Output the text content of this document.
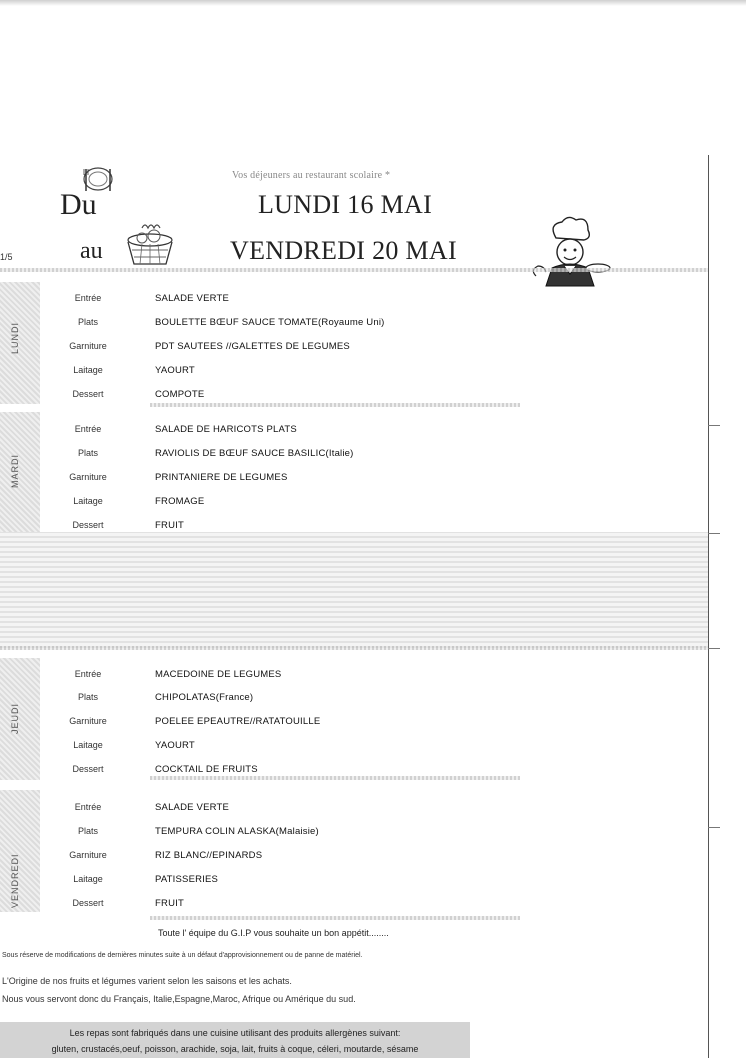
Vos déjeuners au restaurant scolaire *
Du
au
LUNDI 16 MAI
VENDREDI 20 MAI
1/5
LUNDI
Entrée	SALADE VERTE
Plats	BOULETTE BŒUF SAUCE TOMATE(Royaume Uni)
Garniture	PDT SAUTEES //GALETTES DE LEGUMES
Laitage	YAOURT
Dessert	COMPOTE
MARDI
Entrée	SALADE DE HARICOTS PLATS
Plats	RAVIOLIS DE BŒUF SAUCE BASILIC(Italie)
Garniture	PRINTANIERE DE LEGUMES
Laitage	FROMAGE
Dessert	FRUIT
JEUDI
Entrée	MACEDOINE DE LEGUMES
Plats	CHIPOLATAS(France)
Garniture	POELEE EPEAUTRE//RATATOUILLE
Laitage	YAOURT
Dessert	COCKTAIL DE FRUITS
VENDREDI
Entrée	SALADE VERTE
Plats	TEMPURA COLIN ALASKA(Malaisie)
Garniture	RIZ BLANC//EPINARDS
Laitage	PATISSERIES
Dessert	FRUIT
Toute l' équipe du G.I.P vous souhaite un bon appétit........
Sous réserve de modifications de dernières minutes suite à un défaut d'approvisionnement ou de panne de matériel.
L'Origine de nos fruits et légumes varient selon les saisons et les achats.
Nous vous servont donc du Français, Italie,Espagne,Maroc, Afrique ou Amérique du sud.
Les repas sont fabriqués dans une cuisine utilisant des produits allergènes suivant:
gluten, crustacés,oeuf, poisson, arachide, soja, lait, fruits à coque, céleri, moutarde, sésame
